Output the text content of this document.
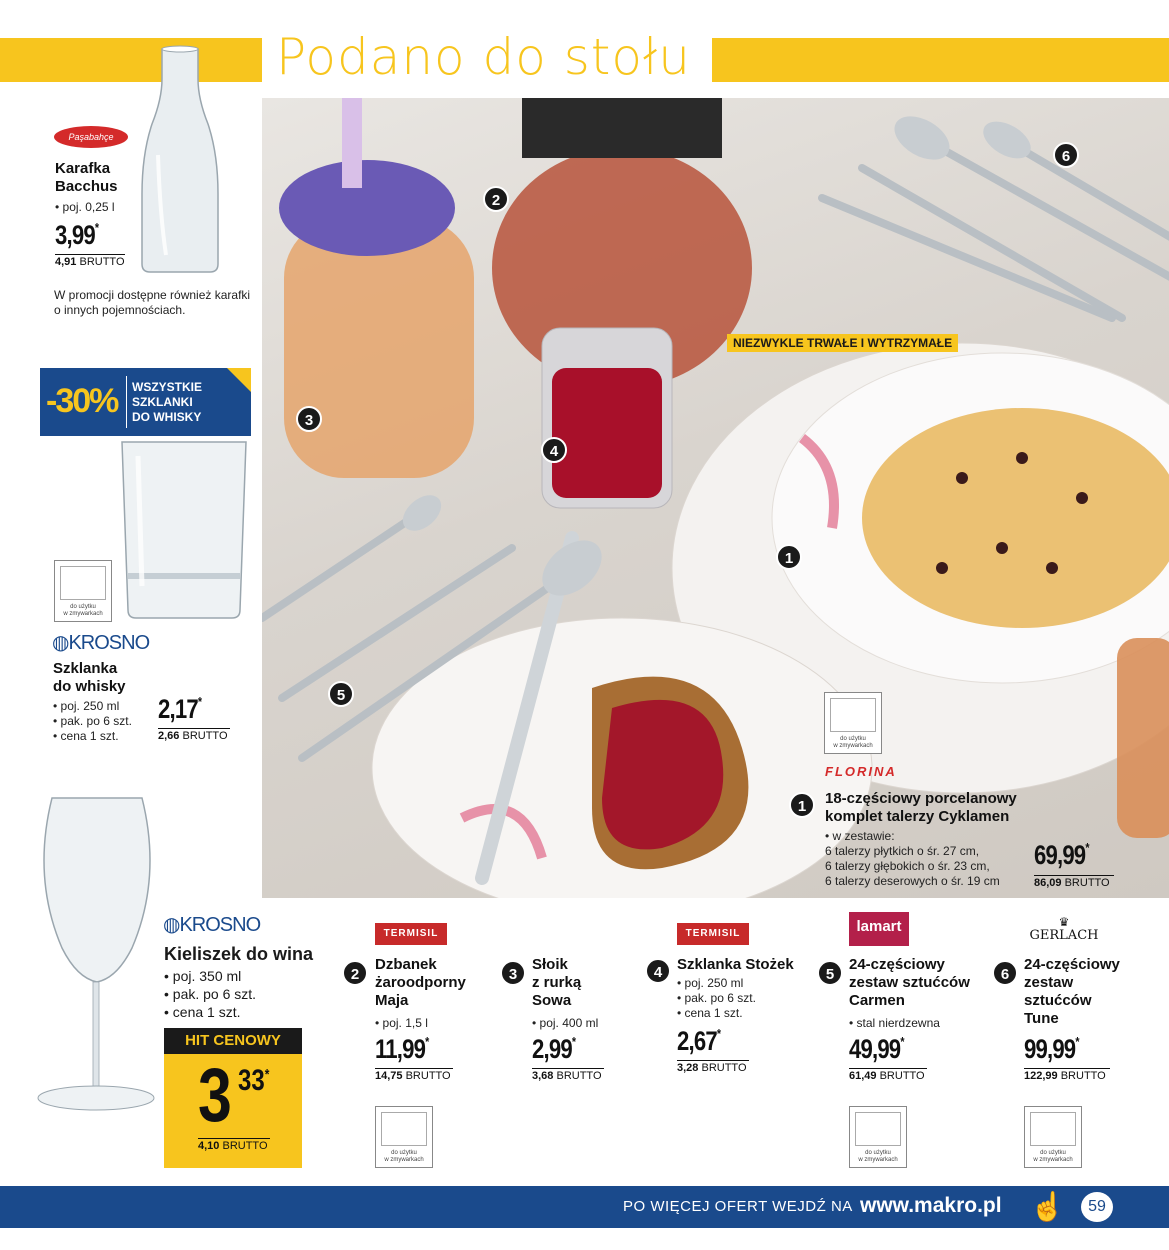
Podano do stołu
Paşabahçe
Karafka
Bacchus
• poj. 0,25 l
3,99*
4,91 BRUTTO
W promocji dostępne również karafki o innych pojemnościach.
-30% WSZYSTKIE
SZKLANKI
DO WHISKY
do użytku
w zmywarkach
◍KROSNO
Szklanka
do whisky
• poj. 250 ml
• pak. po 6 szt.
• cena 1 szt.
2,17*
2,66 BRUTTO
NIEZWYKLE TRWAŁE I WYTRZYMAŁE
2
3
4
1
5
6
do użytku
w zmywarkach
FLORINA
1	18-częściowy porcelanowy
komplet talerzy Cyklamen
• w zestawie:
6 talerzy płytkich o śr. 27 cm,
6 talerzy głębokich o śr. 23 cm,
6 talerzy deserowych o śr. 19 cm
69,99*
86,09 BRUTTO
◍KROSNO
Kieliszek do wina
• poj. 350 ml
• pak. po 6 szt.
• cena 1 szt.
HIT CENOWY
3 33*
4,10 BRUTTO
TERMISIL
2
Dzbanek
żaroodporny
Maja
• poj. 1,5 l
11,99*
14,75 BRUTTO
do użytku
w zmywarkach
3
Słoik
z rurką
Sowa
• poj. 400 ml
2,99*
3,68 BRUTTO
TERMISIL
4 Szklanka Stożek
• poj. 250 ml
• pak. po 6 szt.
• cena 1 szt.
2,67*
3,28 BRUTTO
lamart
5
24-częściowy
zestaw sztućców
Carmen
• stal nierdzewna
49,99*
61,49 BRUTTO
do użytku
w zmywarkach
♛
GERLACH
6
24-częściowy
zestaw
sztućców
Tune
99,99*
122,99 BRUTTO
do użytku
w zmywarkach
PO WIĘCEJ OFERT WEJDŹ NA www.makro.pl ☝	59
